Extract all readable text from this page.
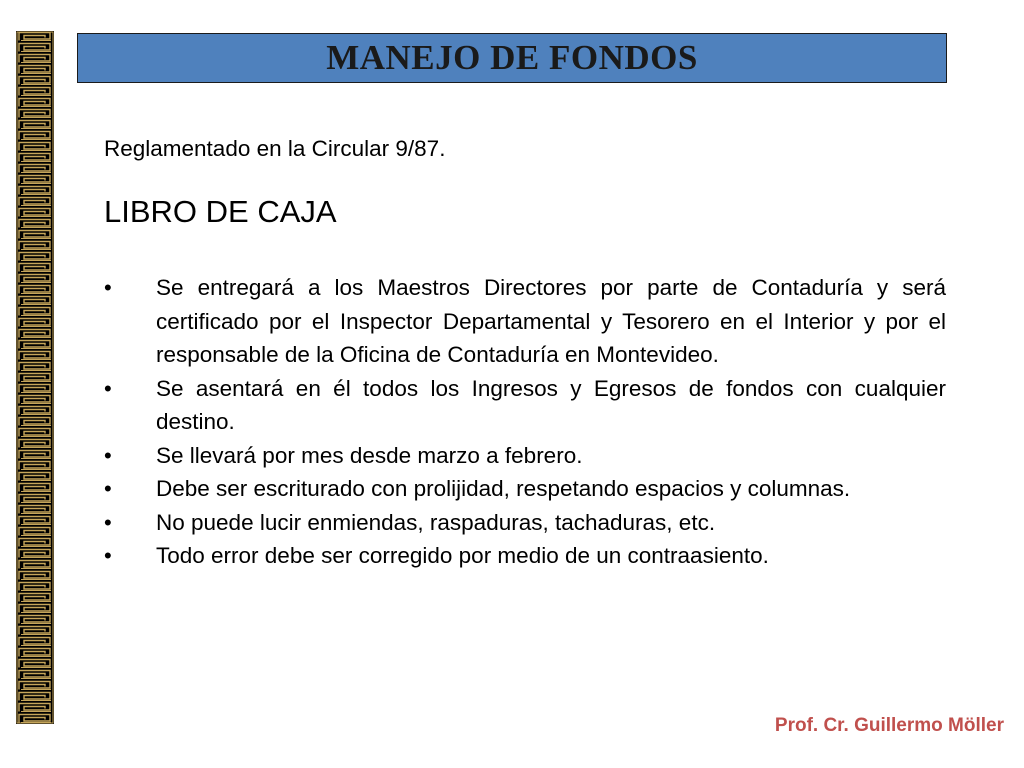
MANEJO DE FONDOS
Reglamentado en la Circular 9/87.
LIBRO DE CAJA
• Se entregará a los Maestros Directores por parte de Contaduría y será certificado por el Inspector Departamental y Tesorero en el Interior y por el responsable de la Oficina de Contaduría en Montevideo.
• Se asentará en él todos los Ingresos y Egresos de fondos con cualquier destino.
• Se llevará por mes desde marzo a febrero.
• Debe ser escriturado con prolijidad, respetando espacios y columnas.
• No puede lucir enmiendas, raspaduras, tachaduras, etc.
• Todo error debe ser corregido por medio de un contraasiento.
Prof. Cr. Guillermo Möller
